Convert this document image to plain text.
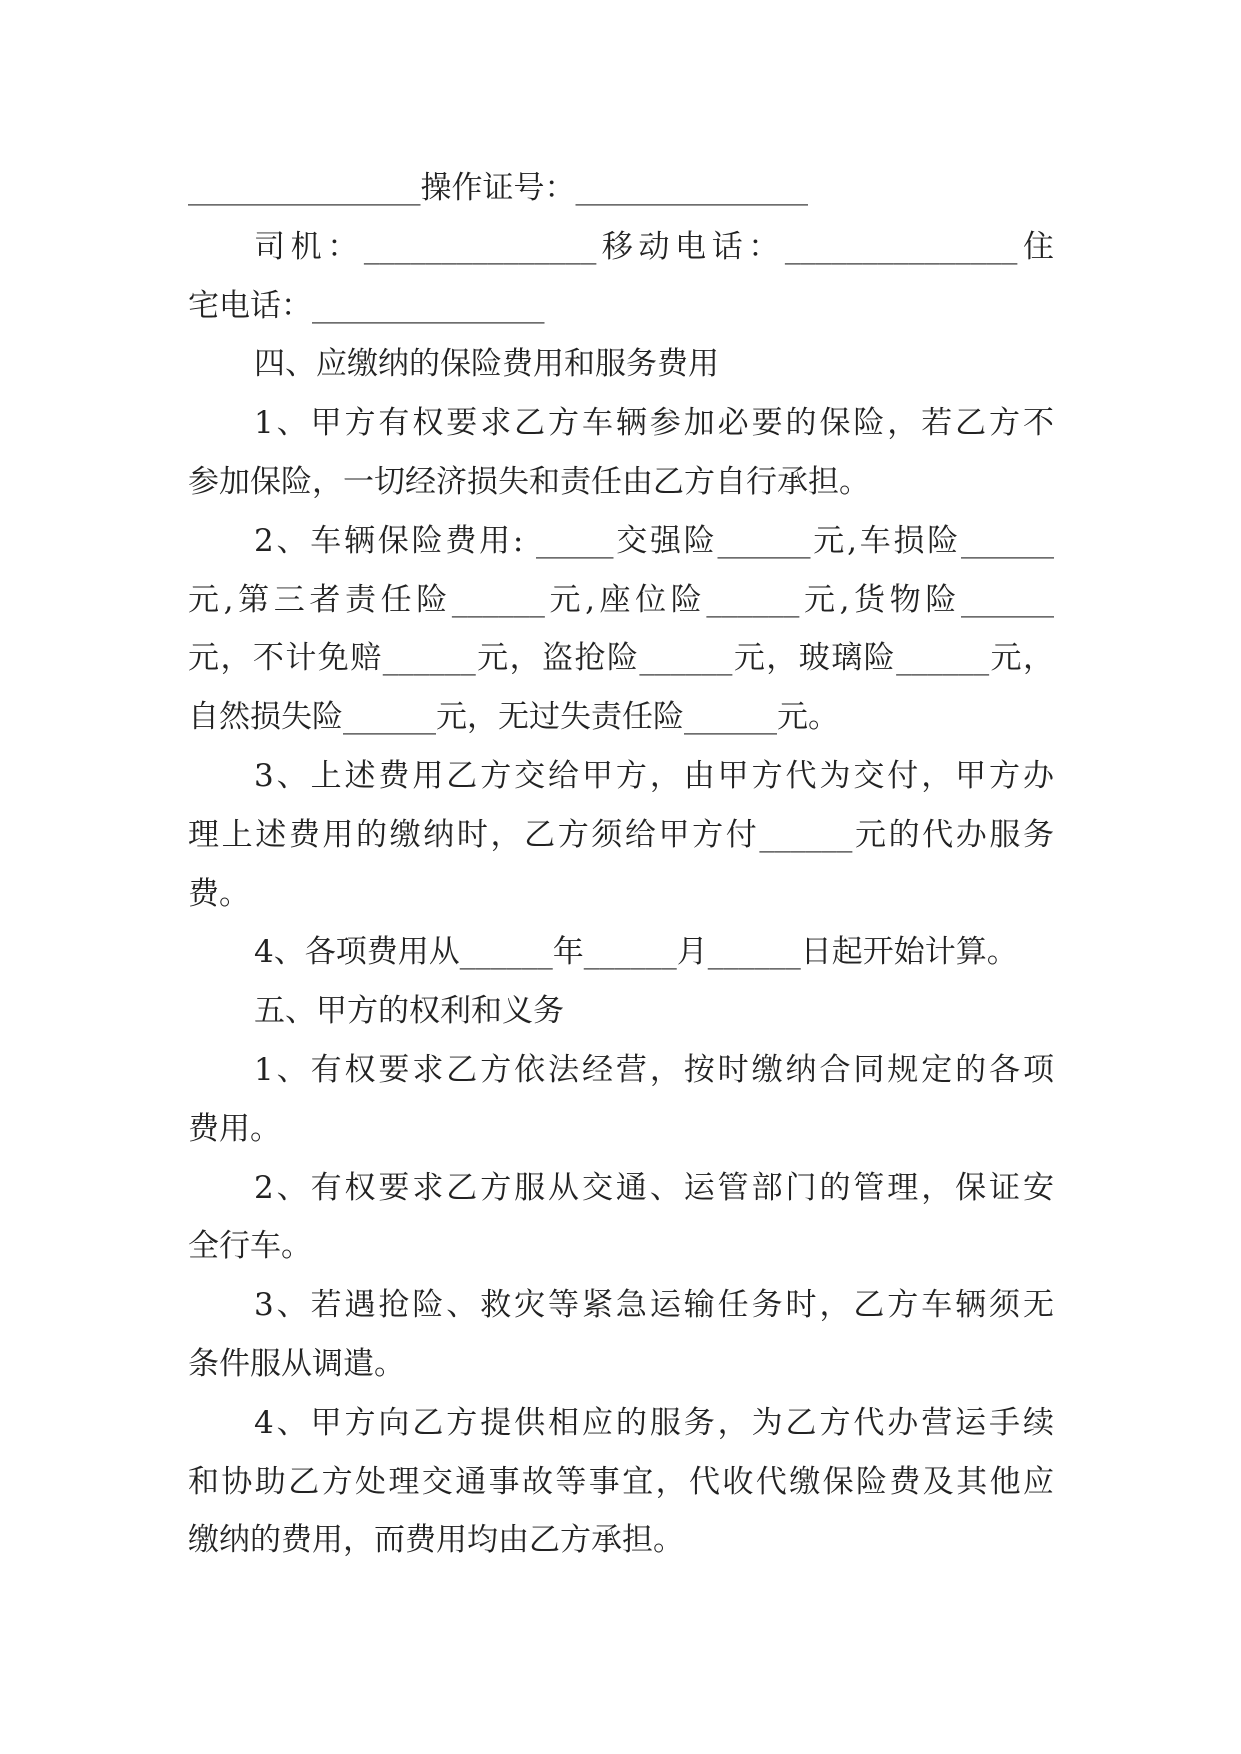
_______________操作证号：_______________
司机：_______________移动电话：_______________住
宅电话：_______________
四、应缴纳的保险费用和服务费用
1、甲方有权要求乙方车辆参加必要的保险，若乙方不
参加保险，一切经济损失和责任由乙方自行承担。
2、车辆保险费用: _____交强险______元,车损险______
元,第三者责任险______元,座位险______元,货物险______
元，不计免赔______元，盗抢险______元，玻璃险______元，
自然损失险______元，无过失责任险______元。
3、上述费用乙方交给甲方，由甲方代为交付，甲方办
理上述费用的缴纳时，乙方须给甲方付______元的代办服务
费。
4、各项费用从______年______月______日起开始计算。
五、甲方的权利和义务
1、有权要求乙方依法经营，按时缴纳合同规定的各项
费用。
2、有权要求乙方服从交通、运管部门的管理，保证安
全行车。
3、若遇抢险、救灾等紧急运输任务时，乙方车辆须无
条件服从调遣。
4、甲方向乙方提供相应的服务，为乙方代办营运手续
和协助乙方处理交通事故等事宜，代收代缴保险费及其他应
缴纳的费用，而费用均由乙方承担。
